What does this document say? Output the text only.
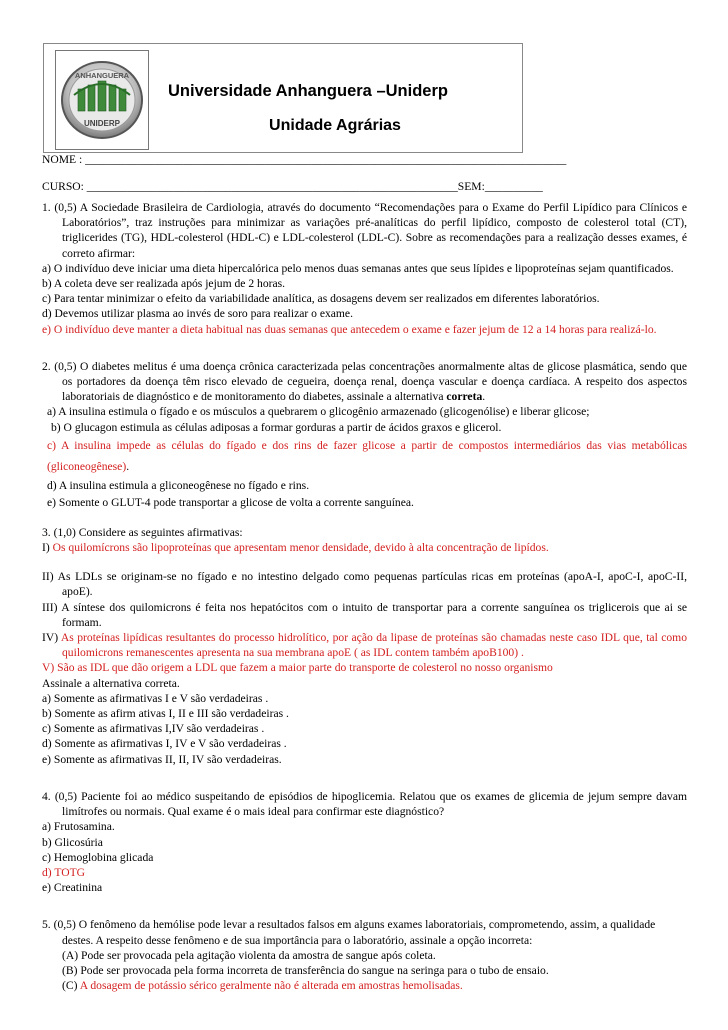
ANHANGUERA
UNIDERP
Universidade Anhanguera –Uniderp
Unidade Agrárias
NOME : ___________________________________________________________________________________
CURSO: ________________________________________________________________SEM:__________

1. (0,5) A Sociedade Brasileira de Cardiologia, através do documento “Recomendações para o Exame do Perfil Lipídico para Clínicos e Laboratórios”, traz instruções para minimizar as variações pré-analíticas do perfil lipídico, composto de colesterol total (CT), triglicerides (TG), HDL-colesterol (HDL-C) e LDL-colesterol (LDL-C). Sobre as recomendações para a realização desses exames, é correto afirmar:

a) O indivíduo deve iniciar uma dieta hipercalórica pelo menos duas semanas antes que seus lípides e lipoproteínas sejam quantificados.

b) A coleta deve ser realizada após jejum de 2 horas.

c) Para tentar minimizar o efeito da variabilidade analítica, as dosagens devem ser realizados em diferentes laboratórios.

d) Devemos utilizar plasma ao invés de soro para realizar o exame.

e) O indivíduo deve manter a dieta habitual nas duas semanas que antecedem o exame e fazer jejum de 12 a 14 horas para realizá-lo.

2. (0,5) O diabetes melitus é uma doença crônica caracterizada pelas concentrações anormalmente altas de glicose plasmática, sendo que os portadores da doença têm risco elevado de cegueira, doença renal, doença vascular e doença cardíaca. A respeito dos aspectos laboratoriais de diagnóstico e de monitoramento do diabetes, assinale a alternativa correta.

a) A insulina estimula o fígado e os músculos a quebrarem o glicogênio armazenado (glicogenólise) e liberar glicose;

b) O glucagon estimula as células adiposas a formar gorduras a partir de ácidos graxos e glicerol.

c) A insulina impede as células do fígado e dos rins de fazer glicose a partir de compostos intermediários das vias metabólicas (gliconeogênese).

d) A insulina estimula a gliconeogênese no fígado e rins.

e) Somente o GLUT-4 pode transportar a glicose de volta a corrente sanguínea.

3. (1,0) Considere as seguintes afirmativas:

I) Os quilomícrons são lipoproteínas que apresentam menor densidade, devido à alta concentração de lipídos.

II) As LDLs se originam-se no fígado e no intestino delgado como pequenas partículas ricas em proteínas (apoA-I, apoC-I, apoC-II, apoE).

III) A síntese dos quilomicrons é feita nos hepatócitos com o intuito de transportar para a corrente sanguínea os triglicerois que ai se formam.

IV) As proteínas lipídicas resultantes do processo hidrolítico, por ação da lipase de proteínas são chamadas neste caso IDL que, tal como quilomicrons remanescentes apresenta na sua membrana apoE ( as IDL contem também apoB100) .

V) São as IDL que dão origem a LDL que fazem a maior parte do transporte de colesterol no nosso organismo

Assinale a alternativa correta.

a) Somente as afirmativas I e V são verdadeiras .

b) Somente as afirm ativas I, II e III são verdadeiras .

c) Somente as afirmativas I,IV são verdadeiras .

d) Somente as afirmativas I, IV e V são verdadeiras .

e) Somente as afirmativas II, II, IV são verdadeiras.

4. (0,5) Paciente foi ao médico suspeitando de episódios de hipoglicemia. Relatou que os exames de glicemia de jejum sempre davam limítrofes ou normais. Qual exame é o mais ideal para confirmar este diagnóstico?

a) Frutosamina.

b) Glicosúria

c) Hemoglobina glicada

d) TOTG

e) Creatinina

5. (0,5) O fenômeno da hemólise pode levar a resultados falsos em alguns exames laboratoriais, comprometendo, assim, a qualidade destes. A respeito desse fenômeno e de sua importância para o laboratório, assinale a opção incorreta:

(A) Pode ser provocada pela agitação violenta da amostra de sangue após coleta.

(B) Pode ser provocada pela forma incorreta de transferência do sangue na seringa para o tubo de ensaio.

(C) A dosagem de potássio sérico geralmente não é alterada em amostras hemolisadas.
